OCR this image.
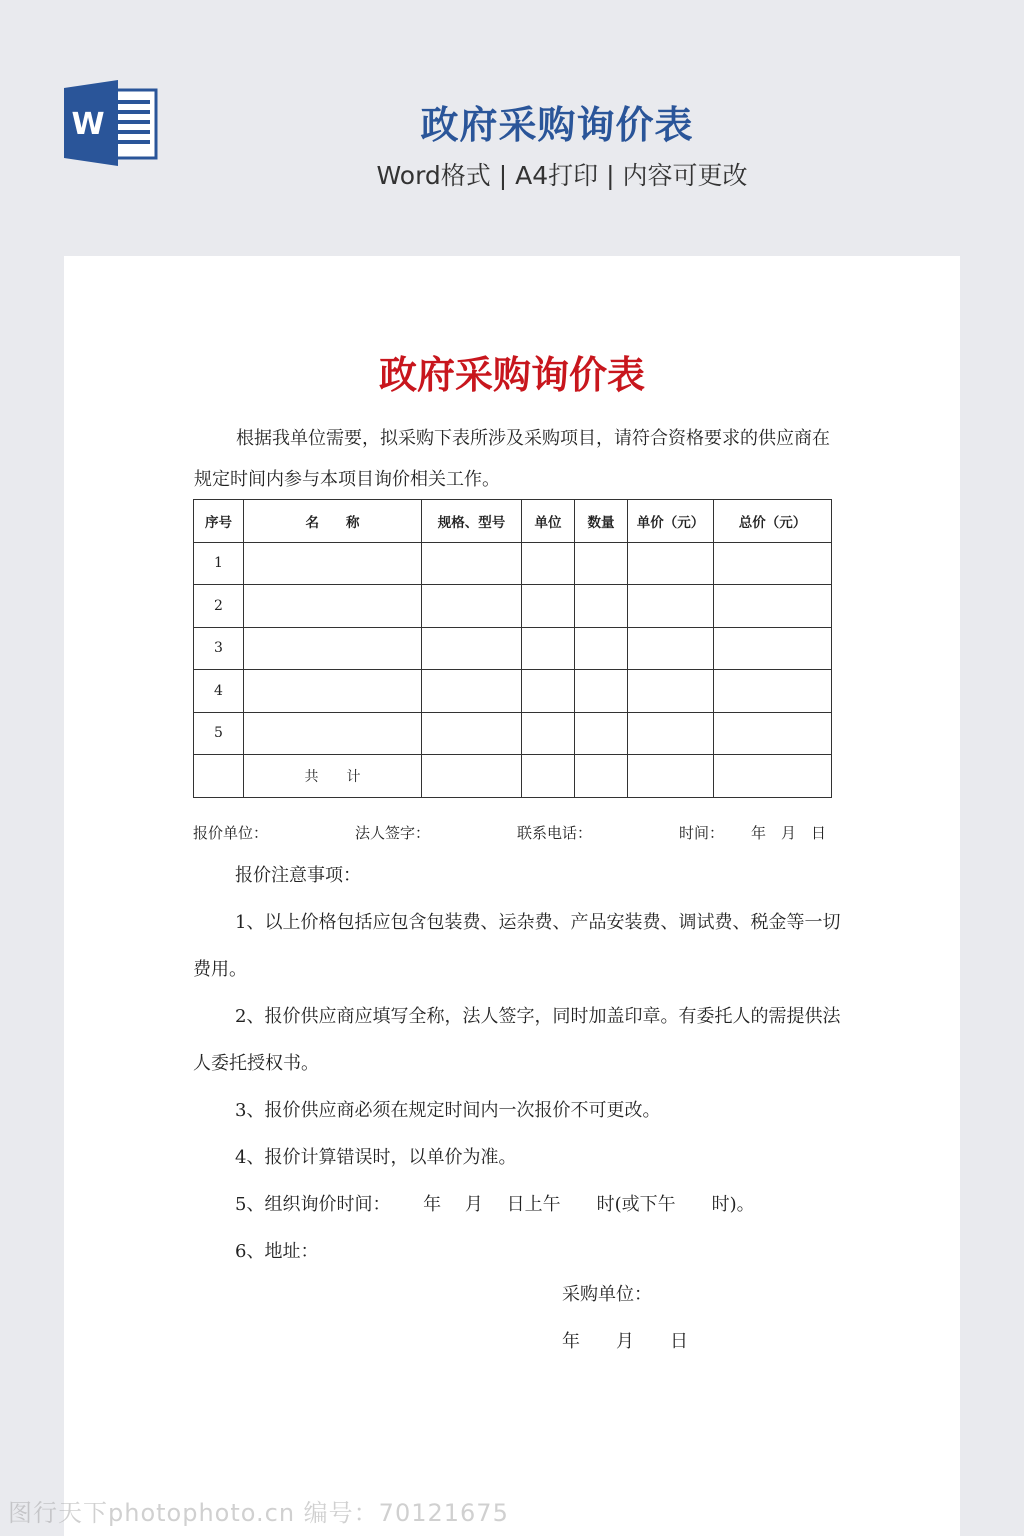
W	政府采购询价表
Word格式 | A4打印 | 内容可更改
政府采购询价表
根据我单位需要，拟采购下表所涉及采购项目，请符合资格要求的供应商在规定时间内参与本项目询价相关工作。
序号	名　　称	规格、型号	单位	数量	单价（元）	总价（元）
1						
2						
3						
4						
5						
	共　　计					
报价单位：	法人签字：	联系电话：	时间： 年　月　日

报价注意事项：

1、以上价格包括应包含包装费、运杂费、产品安装费、调试费、税金等一切费用。

2、报价供应商应填写全称，法人签字，同时加盖印章。有委托人的需提供法人委托授权书。

3、报价供应商必须在规定时间内一次报价不可更改。

4、报价计算错误时，以单价为准。

5、组织询价时间：　　 年　 月　 日上午　　时(或下午　　时)。

6、地址：

采购单位：
年　　月　　日
图行天下photophoto.cn 编号：70121675
